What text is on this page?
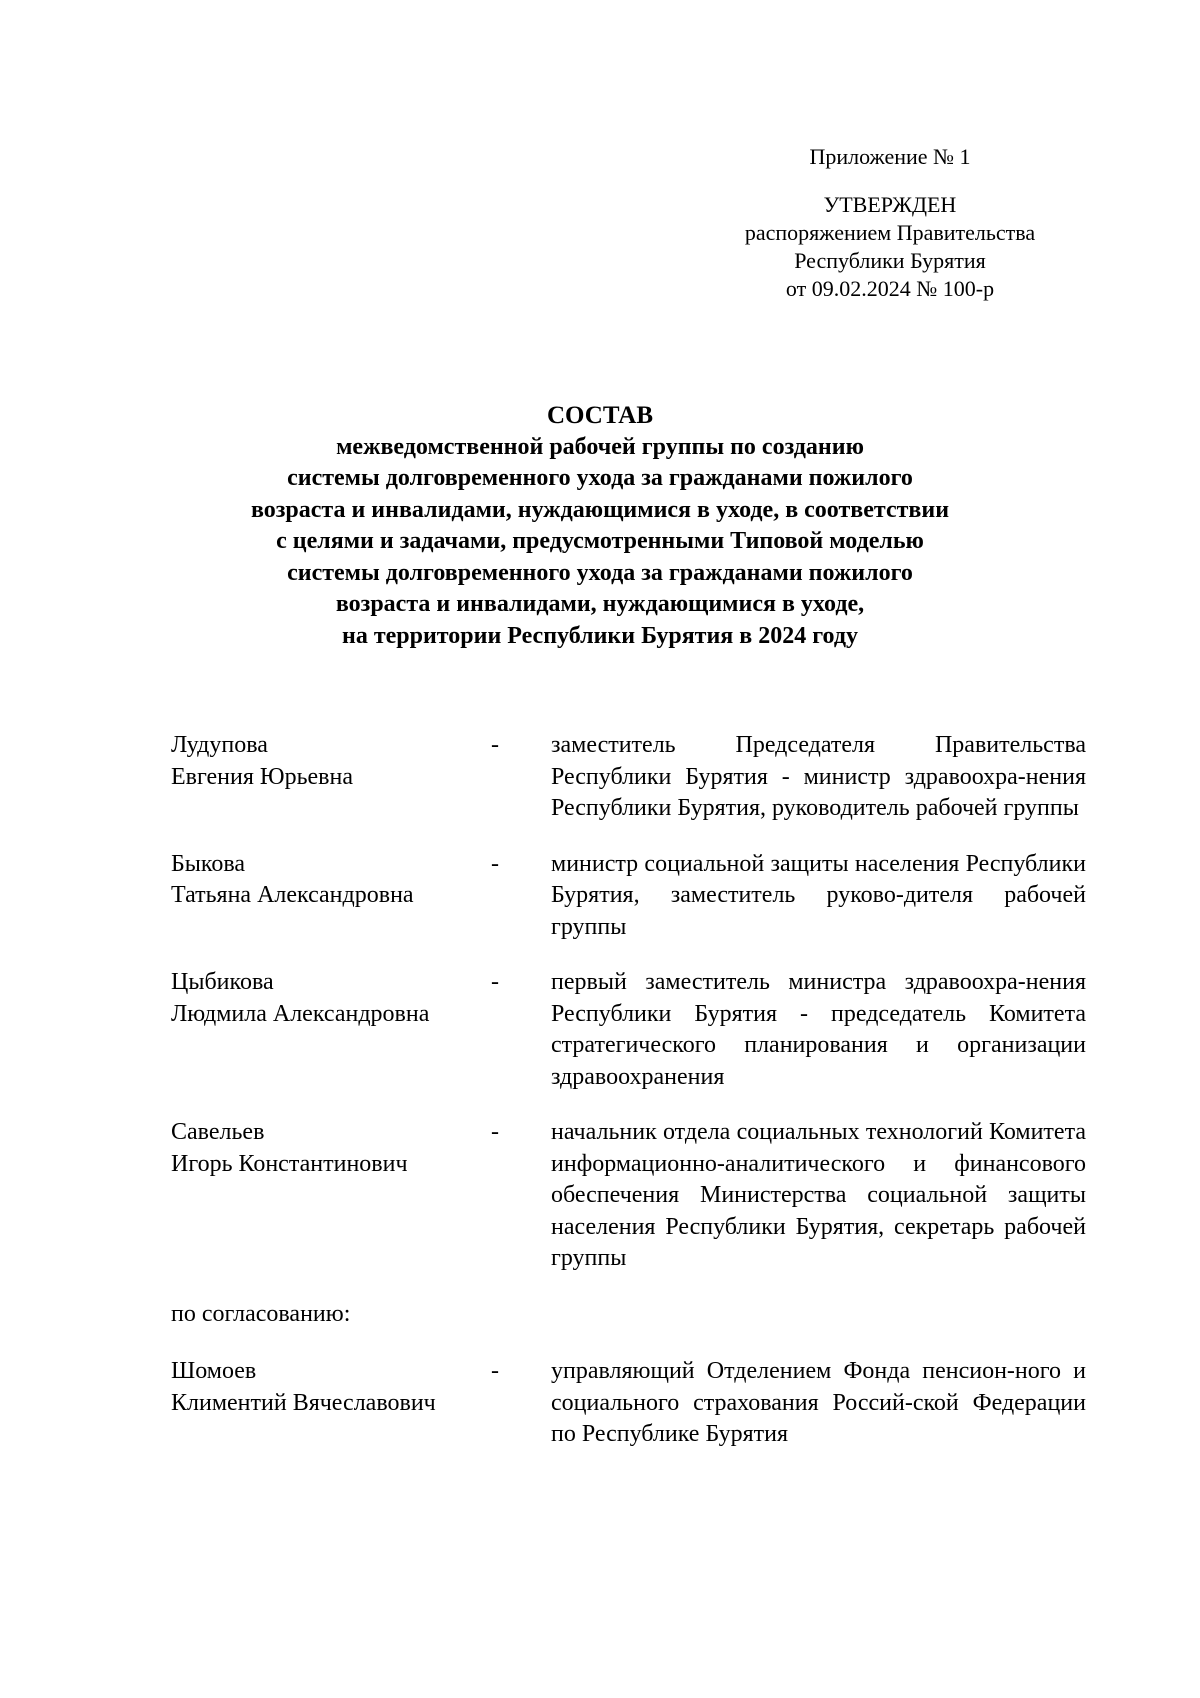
Приложение № 1
УТВЕРЖДЕН
распоряжением Правительства
Республики Бурятия
от 09.02.2024 № 100-р
СОСТАВ
межведомственной рабочей группы по созданию
системы долговременного ухода за гражданами пожилого
возраста и инвалидами, нуждающимися в уходе, в соответствии
с целями и задачами, предусмотренными Типовой моделью
системы долговременного ухода за гражданами пожилого
возраста и инвалидами, нуждающимися в уходе,
на территории Республики Бурятия в 2024 году
Лудупова
Евгения Юрьевна
-	заместитель Председателя Правительства Республики Бурятия - министр здравоохра-нения Республики Бурятия, руководитель рабочей группы
Быкова
Татьяна Александровна
-	министр социальной защиты населения Республики Бурятия, заместитель руково-дителя рабочей группы
Цыбикова
Людмила Александровна
-	первый заместитель министра здравоохра-нения Республики Бурятия - председатель Комитета стратегического планирования и организации здравоохранения
Савельев
Игорь Константинович
-	начальник отдела социальных технологий Комитета информационно-аналитического и финансового обеспечения Министерства социальной защиты населения Республики Бурятия, секретарь рабочей группы
по согласованию:
Шомоев
Климентий Вячеславович
-	управляющий Отделением Фонда пенсион-ного и социального страхования Россий-ской Федерации по Республике Бурятия
